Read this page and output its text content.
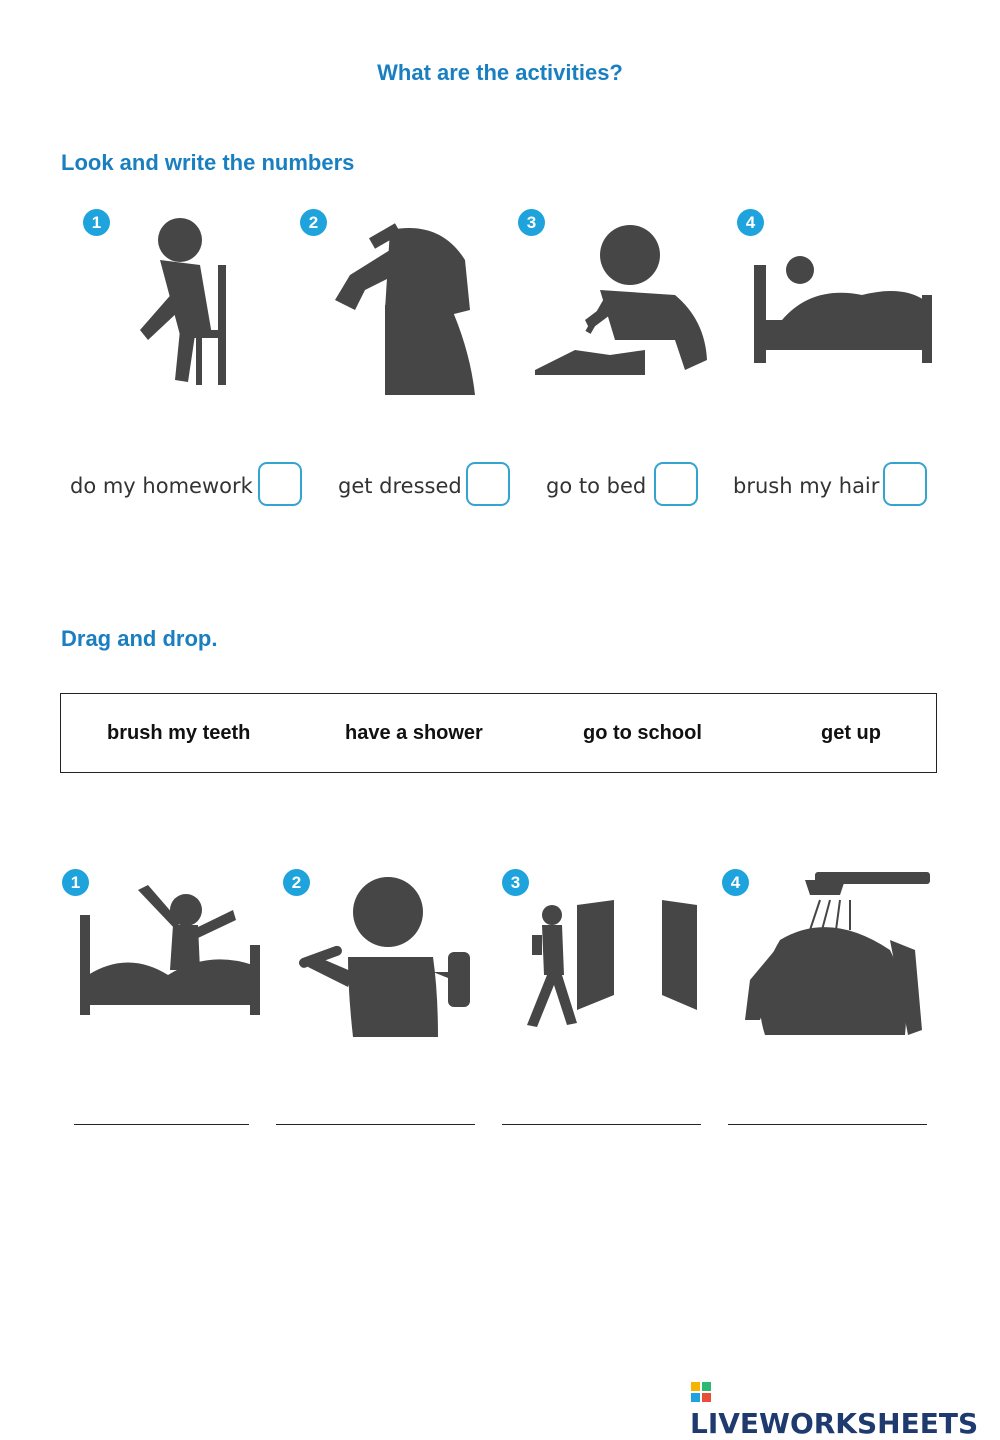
What are the activities?
Look and write the numbers
1	2	3	4
do my homework	get dressed	go to bed	brush my hair
Drag and drop.
brush my teeth	have a shower	go to school	get up
1	2	3	4

LIVEWORKSHEETS
